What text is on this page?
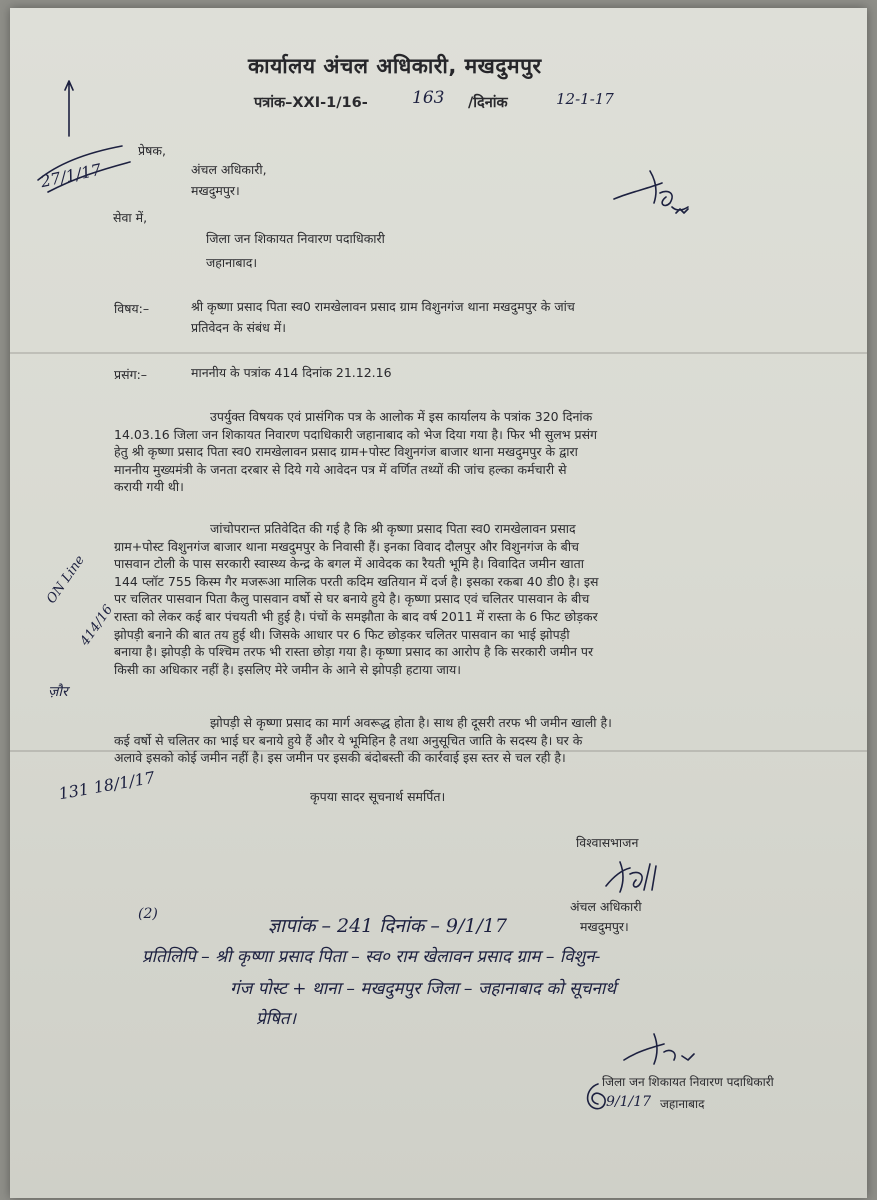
कार्यालय अंचल अधिकारी, मखदुमपुर
पत्रांक–XXI-1/16-	163 /दिनांक	12-1-17
27/1/17
प्रेषक,
अंचल अधिकारी,
मखदुमपुर।
सेवा में,
जिला जन शिकायत निवारण पदाधिकारी
जहानाबाद।
विषय:–	श्री कृष्णा प्रसाद पिता स्व0 रामखेलावन प्रसाद ग्राम विशुनगंज थाना मखदुमपुर के जांच
प्रतिवेदन के संबंध में।
प्रसंग:–	माननीय के पत्रांक 414 दिनांक 21.12.16
उपर्युक्त विषयक एवं प्रासंगिक पत्र के आलोक में इस कार्यालय के पत्रांक 320 दिनांक
14.03.16 जिला जन शिकायत निवारण पदाधिकारी जहानाबाद को भेज दिया गया है। फिर भी सुलभ प्रसंग
हेतु श्री कृष्णा प्रसाद पिता स्व0 रामखेलावन प्रसाद ग्राम+पोस्ट विशुनगंज बाजार थाना मखदुमपुर के द्वारा
माननीय मुख्यमंत्री के जनता दरबार से दिये गये आवेदन पत्र में वर्णित तथ्यों की जांच हल्का कर्मचारी से
करायी गयी थी।
जांचोपरान्त प्रतिवेदित की गई है कि श्री कृष्णा प्रसाद पिता स्व0 रामखेलावन प्रसाद
ग्राम+पोस्ट विशुनगंज बाजार थाना मखदुमपुर के निवासी हैं। इनका विवाद दौलपुर और विशुनगंज के बीच
पासवान टोली के पास सरकारी स्वास्थ्य केन्द्र के बगल में आवेदक का रैयती भूमि है। विवादित जमीन खाता
144 प्लॉट 755 किस्म गैर मजरूआ मालिक परती कदिम खतियान में दर्ज है। इसका रकबा 40 डी0 है। इस
पर चलितर पासवान पिता कैलु पासवान वर्षो से घर बनाये हुये है। कृष्णा प्रसाद एवं चलितर पासवान के बीच
रास्ता को लेकर कई बार पंचयती भी हुई है। पंचों के समझौता के बाद वर्ष 2011 में रास्ता के 6 फिट छोड़कर
झोपड़ी बनाने की बात तय हुई थी। जिसके आधार पर 6 फिट छोड़कर चलितर पासवान का भाई झोपड़ी
बनाया है। झोपड़ी के पश्चिम तरफ भी रास्ता छोड़ा गया है। कृष्णा प्रसाद का आरोप है कि सरकारी जमीन पर
किसी का अधिकार नहीं है। इसलिए मेरे जमीन के आने से झोपड़ी हटाया जाय।
झोपड़ी से कृष्णा प्रसाद का मार्ग अवरूद्ध होता है। साथ ही दूसरी तरफ भी जमीन खाली है।
कई वर्षो से चलितर का भाई घर बनाये हुये हैं और ये भूमिहिन है तथा अनुसूचित जाति के सदस्य है। घर के
अलावे इसको कोई जमीन नहीं है। इस जमीन पर इसकी बंदोबस्ती की कार्रवाई इस स्तर से चल रही है।
कृपया सादर सूचनार्थ समर्पित।
ON Line
414/16
ज़ौर
131 18/1/17
विश्वासभाजन
अंचल अधिकारी
मखदुमपुर।
(2)
ज्ञापांक – 241 दिनांक – 9/1/17
प्रतिलिपि – श्री कृष्णा प्रसाद पिता – स्व० राम खेलावन प्रसाद ग्राम – विशुन-
गंज पोस्ट + थाना – मखदुमपुर जिला – जहानाबाद को सूचनार्थ
प्रेषित।
जिला जन शिकायत निवारण पदाधिकारी
9/1/17 जहानाबाद
